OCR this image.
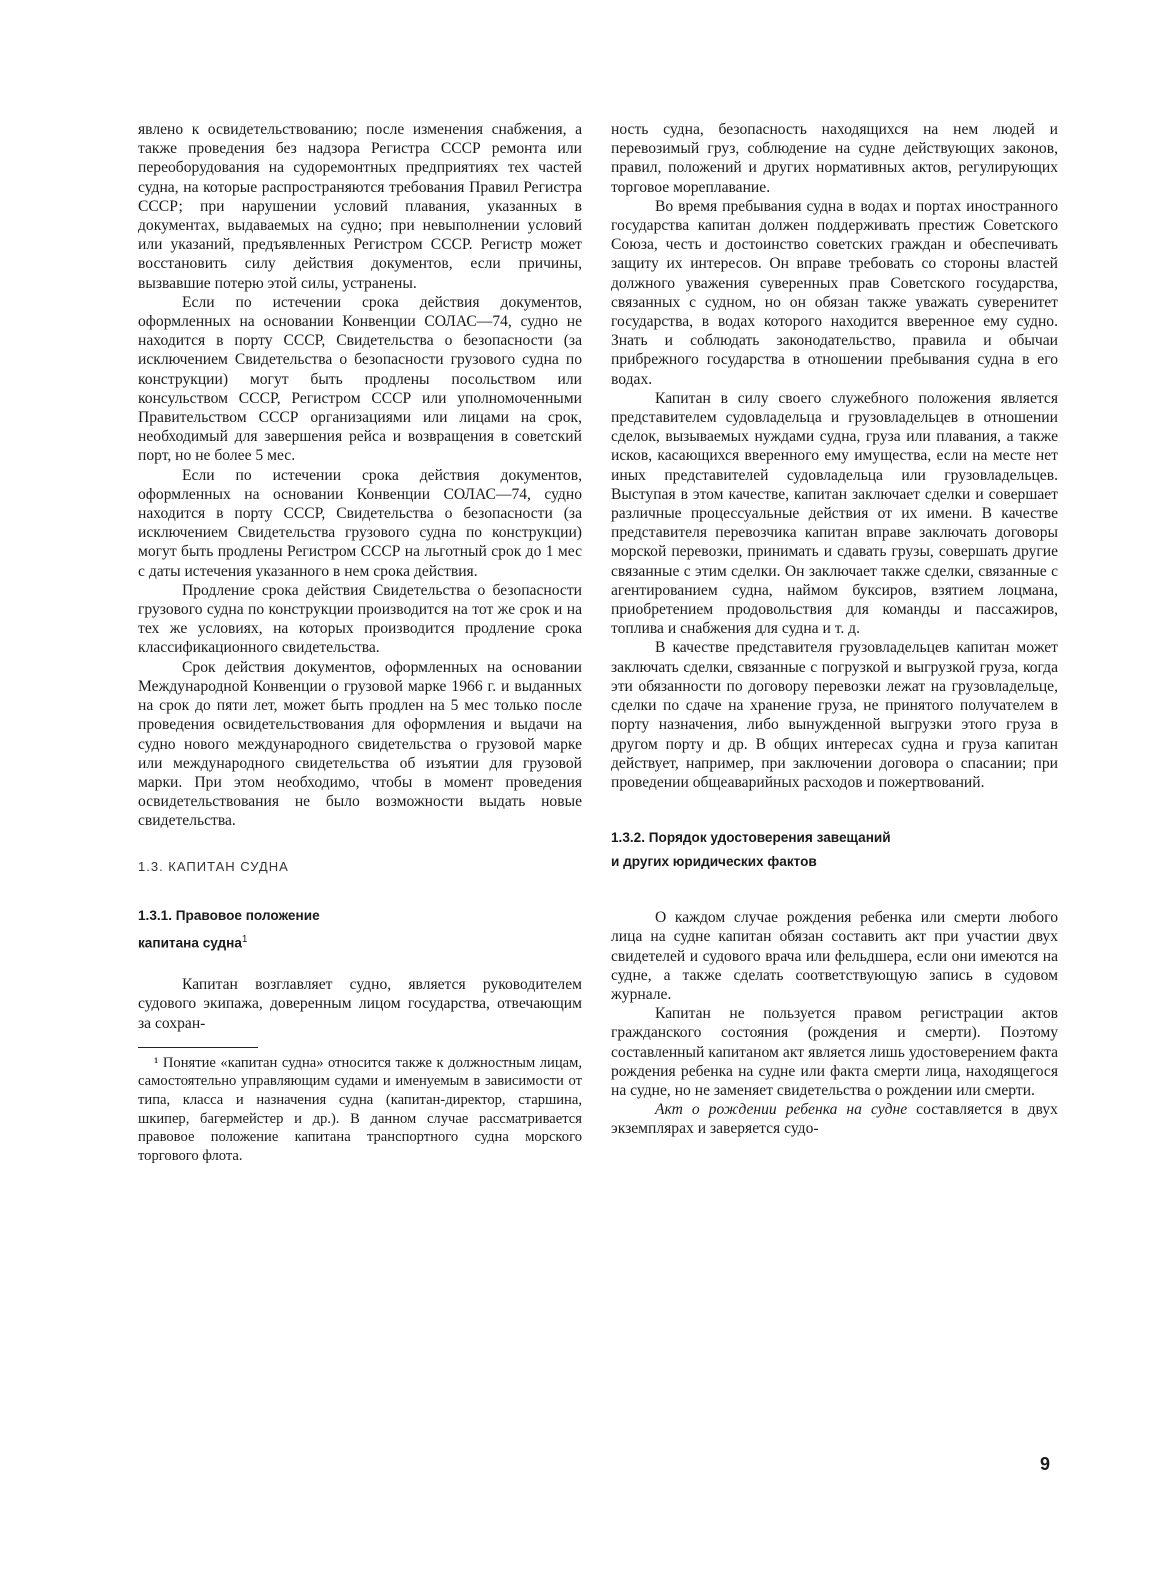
явлено к освидетельствованию; после изменения снабжения, а также проведения без надзора Регистра СССР ремонта или переоборудования на судоремонтных предприятиях тех частей судна, на которые распространяются требования Правил Регистра СССР; при нарушении условий плавания, указанных в документах, выдаваемых на судно; при невыполнении условий или указаний, предъявленных Регистром СССР. Регистр может восстановить силу действия документов, если причины, вызвавшие потерю этой силы, устранены.

Если по истечении срока действия документов, оформленных на основании Конвенции СОЛАС—74, судно не находится в порту СССР, Свидетельства о безопасности (за исключением Свидетельства о безопасности грузового судна по конструкции) могут быть продлены посольством или консульством СССР, Регистром СССР или уполномоченными Правительством СССР организациями или лицами на срок, необходимый для завершения рейса и возвращения в советский порт, но не более 5 мес.

Если по истечении срока действия документов, оформленных на основании Конвенции СОЛАС—74, судно находится в порту СССР, Свидетельства о безопасности (за исключением Свидетельства грузового судна по конструкции) могут быть продлены Регистром СССР на льготный срок до 1 мес с даты истечения указанного в нем срока действия.

Продление срока действия Свидетельства о безопасности грузового судна по конструкции производится на тот же срок и на тех же условиях, на которых производится продление срока классификационного свидетельства.

Срок действия документов, оформленных на основании Международной Конвенции о грузовой марке 1966 г. и выданных на срок до пяти лет, может быть продлен на 5 мес только после проведения освидетельствования для оформления и выдачи на судно нового международного свидетельства о грузовой марке или международного свидетельства об изъятии для грузовой марки. При этом необходимо, чтобы в момент проведения освидетельствования не было возможности выдать новые свидетельства.

1.3. КАПИТАН СУДНА

1.3.1. Правовое положение
капитана судна$^1$

Капитан возглавляет судно, является руководителем судового экипажа, доверенным лицом государства, отвечающим за сохран-

¹ Понятие «капитан судна» относится также к должностным лицам, самостоятельно управляющим судами и именуемым в зависимости от типа, класса и назначения судна (капитан-директор, старшина, шкипер, багермейстер и др.). В данном случае рассматривается правовое положение капитана транспортного судна морского торгового флота.

ность судна, безопасность находящихся на нем людей и перевозимый груз, соблюдение на судне действующих законов, правил, положений и других нормативных актов, регулирующих торговое мореплавание.

Во время пребывания судна в водах и портах иностранного государства капитан должен поддерживать престиж Советского Союза, честь и достоинство советских граждан и обеспечивать защиту их интересов. Он вправе требовать со стороны властей должного уважения суверенных прав Советского государства, связанных с судном, но он обязан также уважать суверенитет государства, в водах которого находится вверенное ему судно. Знать и соблюдать законодательство, правила и обычаи прибрежного государства в отношении пребывания судна в его водах.

Капитан в силу своего служебного положения является представителем судовладельца и грузовладельцев в отношении сделок, вызываемых нуждами судна, груза или плавания, а также исков, касающихся вверенного ему имущества, если на месте нет иных представителей судовладельца или грузовладельцев. Выступая в этом качестве, капитан заключает сделки и совершает различные процессуальные действия от их имени. В качестве представителя перевозчика капитан вправе заключать договоры морской перевозки, принимать и сдавать грузы, совершать другие связанные с этим сделки. Он заключает также сделки, связанные с агентированием судна, наймом буксиров, взятием лоцмана, приобретением продовольствия для команды и пассажиров, топлива и снабжения для судна и т. д.

В качестве представителя грузовладельцев капитан может заключать сделки, связанные с погрузкой и выгрузкой груза, когда эти обязанности по договору перевозки лежат на грузовладельце, сделки по сдаче на хранение груза, не принятого получателем в порту назначения, либо вынужденной выгрузки этого груза в другом порту и др. В общих интересах судна и груза капитан действует, например, при заключении договора о спасании; при проведении общеаварийных расходов и пожертвований.

1.3.2. Порядок удостоверения завещаний
и других юридических фактов

О каждом случае рождения ребенка или смерти любого лица на судне капитан обязан составить акт при участии двух свидетелей и судового врача или фельдшера, если они имеются на судне, а также сделать соответствующую запись в судовом журнале.

Капитан не пользуется правом регистрации актов гражданского состояния (рождения и смерти). Поэтому составленный капитаном акт является лишь удостоверением факта рождения ребенка на судне или факта смерти лица, находящегося на судне, но не заменяет свидетельства о рождении или смерти.

Акт о рождении ребенка на судне составляется в двух экземплярах и заверяется судо-

9
